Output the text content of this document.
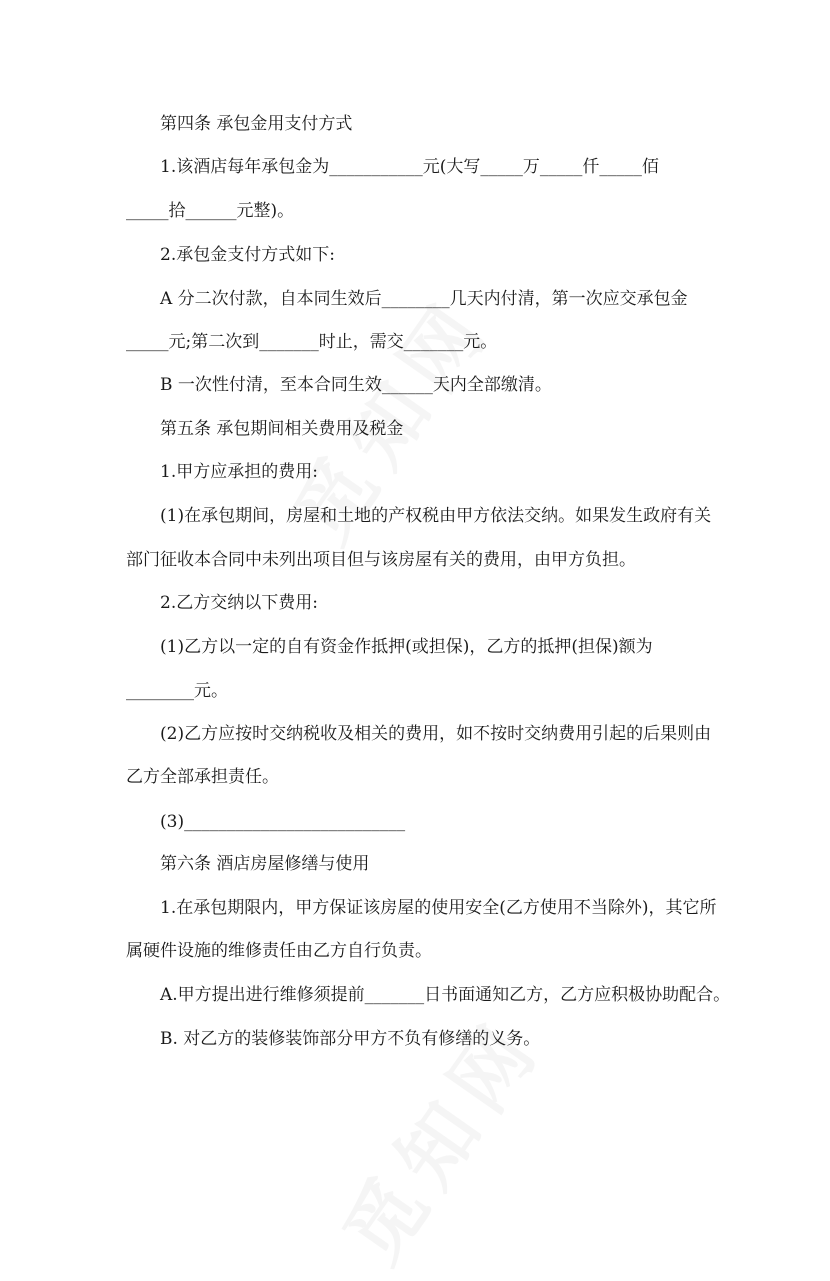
第四条 承包金用支付方式
1.该酒店每年承包金为___________元(大写_____万_____仟_____佰
_____拾______元整)。
2.承包金支付方式如下:
A 分二次付款，自本同生效后________几天内付清，第一次应交承包金
_____元;第二次到_______时止，需交_______元。
B 一次性付清，至本合同生效______天内全部缴清。
第五条 承包期间相关费用及税金
1.甲方应承担的费用:
(1)在承包期间，房屋和土地的产权税由甲方依法交纳。如果发生政府有关
部门征收本合同中未列出项目但与该房屋有关的费用，由甲方负担。
2.乙方交纳以下费用:
(1)乙方以一定的自有资金作抵押(或担保)，乙方的抵押(担保)额为
________元。
(2)乙方应按时交纳税收及相关的费用，如不按时交纳费用引起的后果则由
乙方全部承担责任。
(3)__________________________
第六条 酒店房屋修缮与使用
1.在承包期限内，甲方保证该房屋的使用安全(乙方使用不当除外)，其它所
属硬件设施的维修责任由乙方自行负责。
A.甲方提出进行维修须提前_______日书面通知乙方，乙方应积极协助配合。
B. 对乙方的装修装饰部分甲方不负有修缮的义务。
